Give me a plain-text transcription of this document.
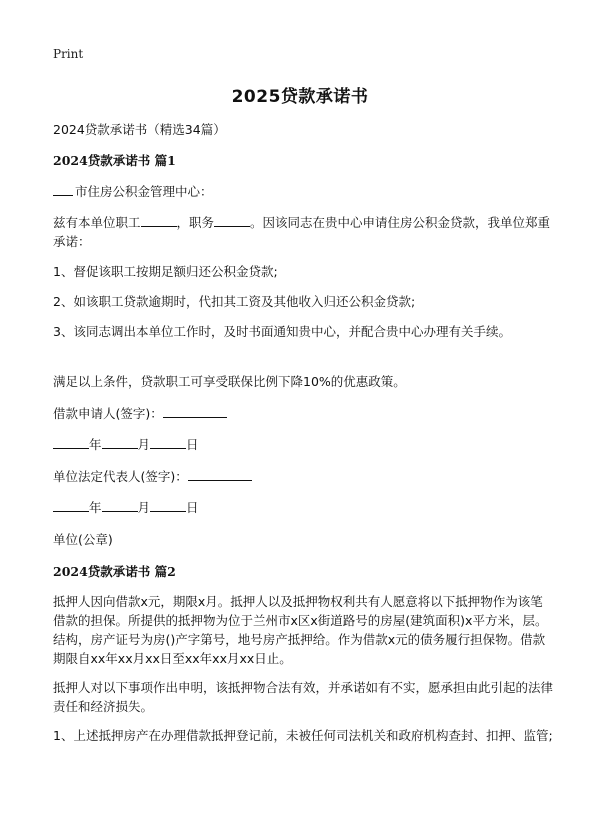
Print
2025贷款承诺书
2024贷款承诺书（精选34篇）
2024贷款承诺书 篇1
市住房公积金管理中心：
兹有本单位职工	，职务	。因该同志在贵中心申请住房公积金贷款，我单位郑重承诺：
1、督促该职工按期足额归还公积金贷款;
2、如该职工贷款逾期时，代扣其工资及其他收入归还公积金贷款;
3、该同志调出本单位工作时，及时书面通知贵中心，并配合贵中心办理有关手续。
满足以上条件，贷款职工可享受联保比例下降10%的优惠政策。
借款申请人(签字)：
年	月	日
单位法定代表人(签字)：
年	月	日
单位(公章)
2024贷款承诺书 篇2
抵押人因向借款x元，期限x月。抵押人以及抵押物权利共有人愿意将以下抵押物作为该笔借款的担保。所提供的抵押物为位于兰州市x区x街道路号的房屋(建筑面积)x平方米，层。结构，房产证号为房()产字第号，地号房产抵押给。作为借款x元的债务履行担保物。借款期限自xx年xx月xx日至xx年xx月xx日止。
抵押人对以下事项作出申明，该抵押物合法有效，并承诺如有不实，愿承担由此引起的法律责任和经济损失。
1、上述抵押房产在办理借款抵押登记前，未被任何司法机关和政府机构查封、扣押、监管;
